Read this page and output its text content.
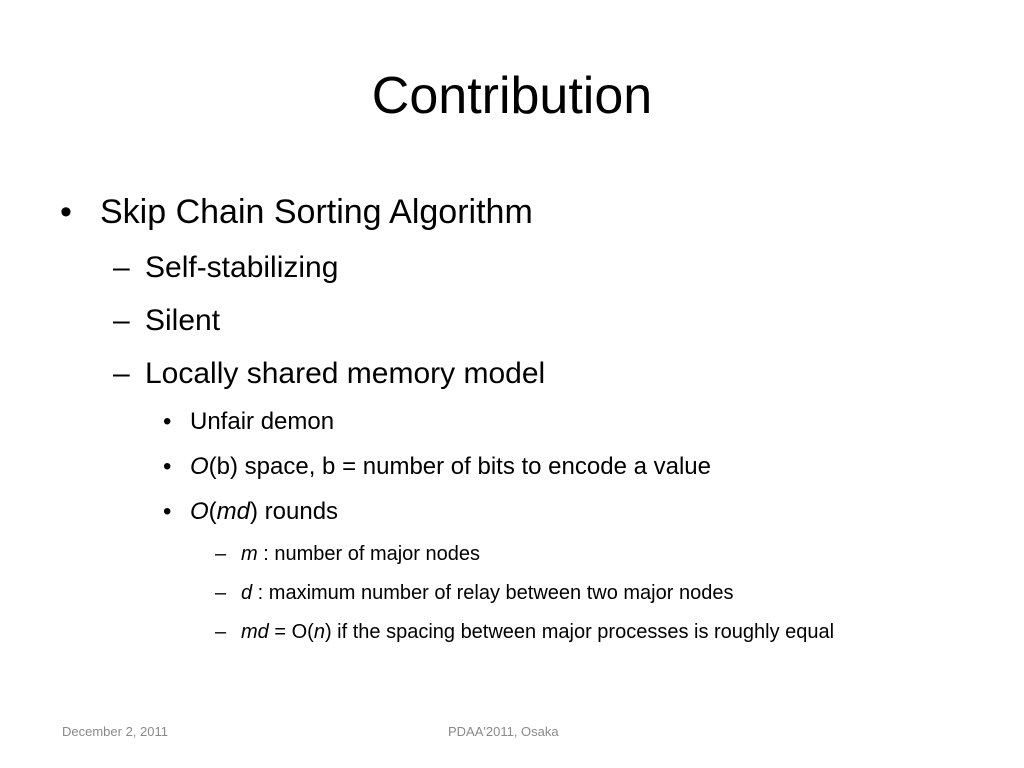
Contribution
• Skip Chain Sorting Algorithm
– Self-stabilizing
– Silent
– Locally shared memory model
• Unfair demon
• O(b) space, b = number of bits to encode a value
• O(md) rounds
– m : number of major nodes
– d : maximum number of relay between two major nodes
– md = O(n) if the spacing between major processes is roughly equal
December 2, 2011	PDAA'2011, Osaka
